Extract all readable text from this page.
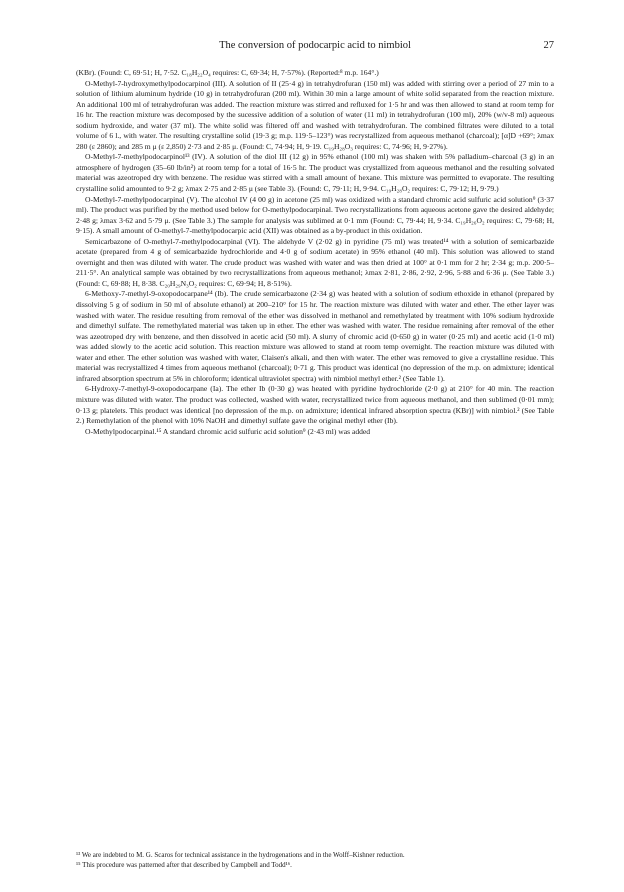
The conversion of podocarpic acid to nimbiol	27

(KBr). (Found: C, 69·51; H, 7·52. C₁₈H₂₂O₄ requires: C, 69·34; H, 7·57%). (Reported:⁸ m.p. 164°.)

O-Methyl-7-hydroxymethylpodocarpinol (III). A solution of II (25·4 g) in tetrahydrofuran (150 ml) was added with stirring over a period of 27 min to a solution of lithium aluminum hydride (10 g) in tetrahydrofuran (200 ml). Within 30 min a large amount of white solid separated from the reaction mixture. An additional 100 ml of tetrahydrofuran was added. The reaction mixture was stirred and refluxed for 1·5 hr and was then allowed to stand at room temp for 16 hr. The reaction mixture was decomposed by the sucessive addition of a solution of water (11 ml) in tetrahydrofuran (100 ml), 20% (w/v-8 ml) aqueous sodium hydroxide, and water (37 ml). The white solid was filtered off and washed with tetrahydrofuran. The combined filtrates were diluted to a total volume of 6 l., with water. The resulting crystalline solid (19·3 g; m.p. 119·5–123°) was recrystallized from aqueous methanol (charcoal); [α]D +69°; λmax 280 (ε 2860); and 285 m μ (ε 2,850) 2·73 and 2·85 μ. (Found: C, 74·94; H, 9·19. C₁₉H₂₈O₃ requires: C, 74·96; H, 9·27%).

O-Methyl-7-methylpodocarpinol¹³ (IV). A solution of the diol III (12 g) in 95% ethanol (100 ml) was shaken with 5% palladium–charcoal (3 g) in an atmosphere of hydrogen (35–60 lb/in²) at room temp for a total of 16·5 hr. The product was crystallized from aqueous methanol and the resulting solvated material was azeotroped dry with benzene. The residue was stirred with a small amount of hexane. This mixture was permitted to evaporate. The resulting crystalline solid amounted to 9·2 g; λmax 2·75 and 2·85 μ (see Table 3). (Found: C, 79·11; H, 9·94. C₁₉H₂₈O₂ requires: C, 79·12; H, 9·79.)

O-Methyl-7-methylpodocarpinal (V). The alcohol IV (4 00 g) in acetone (25 ml) was oxidized with a standard chromic acid sulfuric acid solution⁹ (3·37 ml). The product was purified by the method used below for O-methylpodocarpinal. Two recrystallizations from aqueous acetone gave the desired aldehyde; 2·48 g; λmax 3·62 and 5·79 μ. (See Table 3.) The sample for analysis was sublimed at 0·1 mm (Found: C, 79·44; H, 9·34. C₁₉H₂₆O₂ requires: C, 79·68; H, 9·15). A small amount of O-methyl-7-methylpodocarpic acid (XII) was obtained as a by-product in this oxidation.

Semicarbazone of O-methyl-7-methylpodocarpinal (VI). The aldehyde V (2·02 g) in pyridine (75 ml) was treated¹⁴ with a solution of semicarbazide acetate (prepared from 4 g of semicarbazide hydrochloride and 4·0 g of sodium acetate) in 95% ethanol (40 ml). This solution was allowed to stand overnight and then was diluted with water. The crude product was washed with water and was then dried at 100° at 0·1 mm for 2 hr; 2·34 g; m.p. 200·5–211·5°. An analytical sample was obtained by two recrystallizations from aqueous methanol; λmax 2·81, 2·86, 2·92, 2·96, 5·88 and 6·36 μ. (See Table 3.) (Found: C, 69·88; H, 8·38. C₂₀H₂₉N₃O₂ requires: C, 69·94; H, 8·51%).

6-Methoxy-7-methyl-9-oxopodocarpane¹⁴ (Ib). The crude semicarbazone (2·34 g) was heated with a solution of sodium ethoxide in ethanol (prepared by dissolving 5 g of sodium in 50 ml of absolute ethanol) at 200–210° for 15 hr. The reaction mixture was diluted with water and ether. The ether layer was washed with water. The residue resulting from removal of the ether was dissolved in methanol and remethylated by treatment with 10% sodium hydroxide and dimethyl sulfate. The remethylated material was taken up in ether. The ether was washed with water. The residue remaining after removal of the ether was azeotroped dry with benzene, and then dissolved in acetic acid (50 ml). A slurry of chromic acid (0·650 g) in water (0·25 ml) and acetic acid (1·0 ml) was added slowly to the acetic acid solution. This reaction mixture was allowed to stand at room temp overnight. The reaction mixture was diluted with water and ether. The ether solution was washed with water, Claisen's alkali, and then with water. The ether was removed to give a crystalline residue. This material was recrystallized 4 times from aqueous methanol (charcoal); 0·71 g. This product was identical (no depression of the m.p. on admixture; identical infrared absorption spectrum at 5% in chloroform; identical ultraviolet spectra) with nimbiol methyl ether.² (See Table 1).

6-Hydroxy-7-methyl-9-oxopodocarpane (Ia). The ether Ib (0·30 g) was heated with pyridine hydrochloride (2·0 g) at 210° for 40 min. The reaction mixture was diluted with water. The product was collected, washed with water, recrystallized twice from aqueous methanol, and then sublimed (0·01 mm); 0·13 g; platelets. This product was identical [no depression of the m.p. on admixture; identical infrared absorption spectra (KBr)] with nimbiol.² (See Table 2.) Remethylation of the phenol with 10% NaOH and dimethyl sulfate gave the original methyl ether (Ib).

O-Methylpodocarpinal.¹⁵ A standard chromic acid sulfuric acid solution⁹ (2·43 ml) was added

¹³ We are indebted to M. G. Scaros for technical assistance in the hydrogenations and in the Wolff–Kishner reduction.

¹⁵ This procedure was patterned after that described by Campbell and Todd¹⁶.
